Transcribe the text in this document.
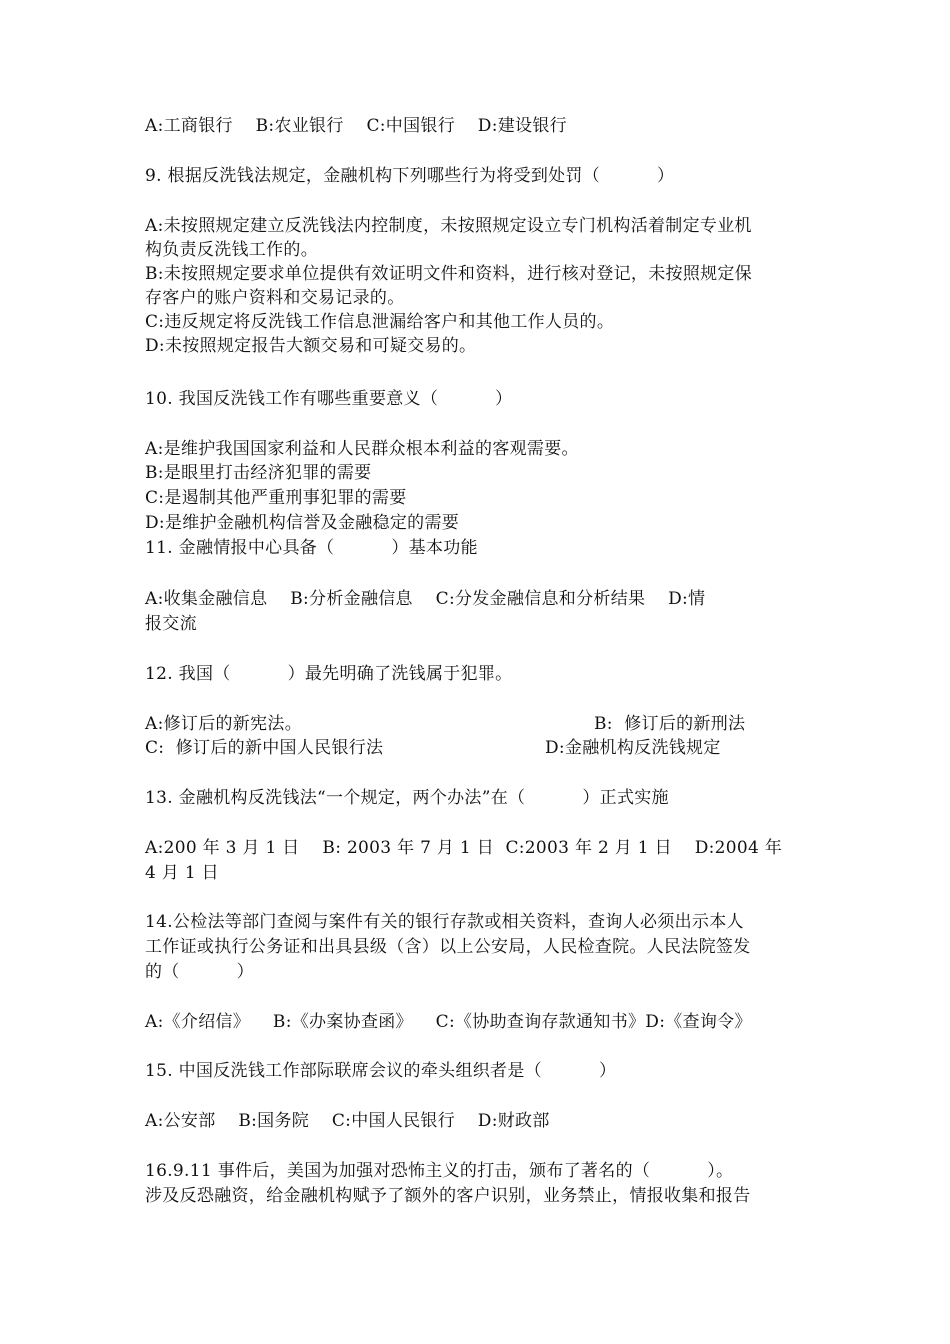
A:工商银行    B:农业银行    C:中国银行    D:建设银行
9. 根据反洗钱法规定，金融机构下列哪些行为将受到处罚（          ）
A:未按照规定建立反洗钱法内控制度，未按照规定设立专门机构活着制定专业机
构负责反洗钱工作的。
B:未按照规定要求单位提供有效证明文件和资料，进行核对登记，未按照规定保
存客户的账户资料和交易记录的。
C:违反规定将反洗钱工作信息泄漏给客户和其他工作人员的。
D:未按照规定报告大额交易和可疑交易的。
10. 我国反洗钱工作有哪些重要意义（          ）
A:是维护我国国家利益和人民群众根本利益的客观需要。
B:是眼里打击经济犯罪的需要
C:是遏制其他严重刑事犯罪的需要
D:是维护金融机构信誉及金融稳定的需要
11. 金融情报中心具备（          ）基本功能
A:收集金融信息    B:分析金融信息    C:分发金融信息和分析结果    D:情
报交流
12. 我国（          ）最先明确了洗钱属于犯罪。
A:修订后的新宪法。	B:  修订后的新刑法
C:  修订后的新中国人民银行法	D:金融机构反洗钱规定
13. 金融机构反洗钱法“一个规定，两个办法”在（          ）正式实施
A:200 年 3 月 1 日    B: 2003 年 7 月 1 日  C:2003 年 2 月 1 日    D:2004 年
4 月 1 日
14.公检法等部门查阅与案件有关的银行存款或相关资料，查询人必须出示本人
工作证或执行公务证和出具县级（含）以上公安局，人民检查院。人民法院签发
的（          ）
A:《介绍信》    B:《办案协查函》    C:《协助查询存款通知书》D:《查询令》
15. 中国反洗钱工作部际联席会议的牵头组织者是（          ）
A:公安部    B:国务院    C:中国人民银行    D:财政部
16.9.11 事件后，美国为加强对恐怖主义的打击，颁布了著名的（          ）。
涉及反恐融资，给金融机构赋予了额外的客户识别，业务禁止，情报收集和报告
